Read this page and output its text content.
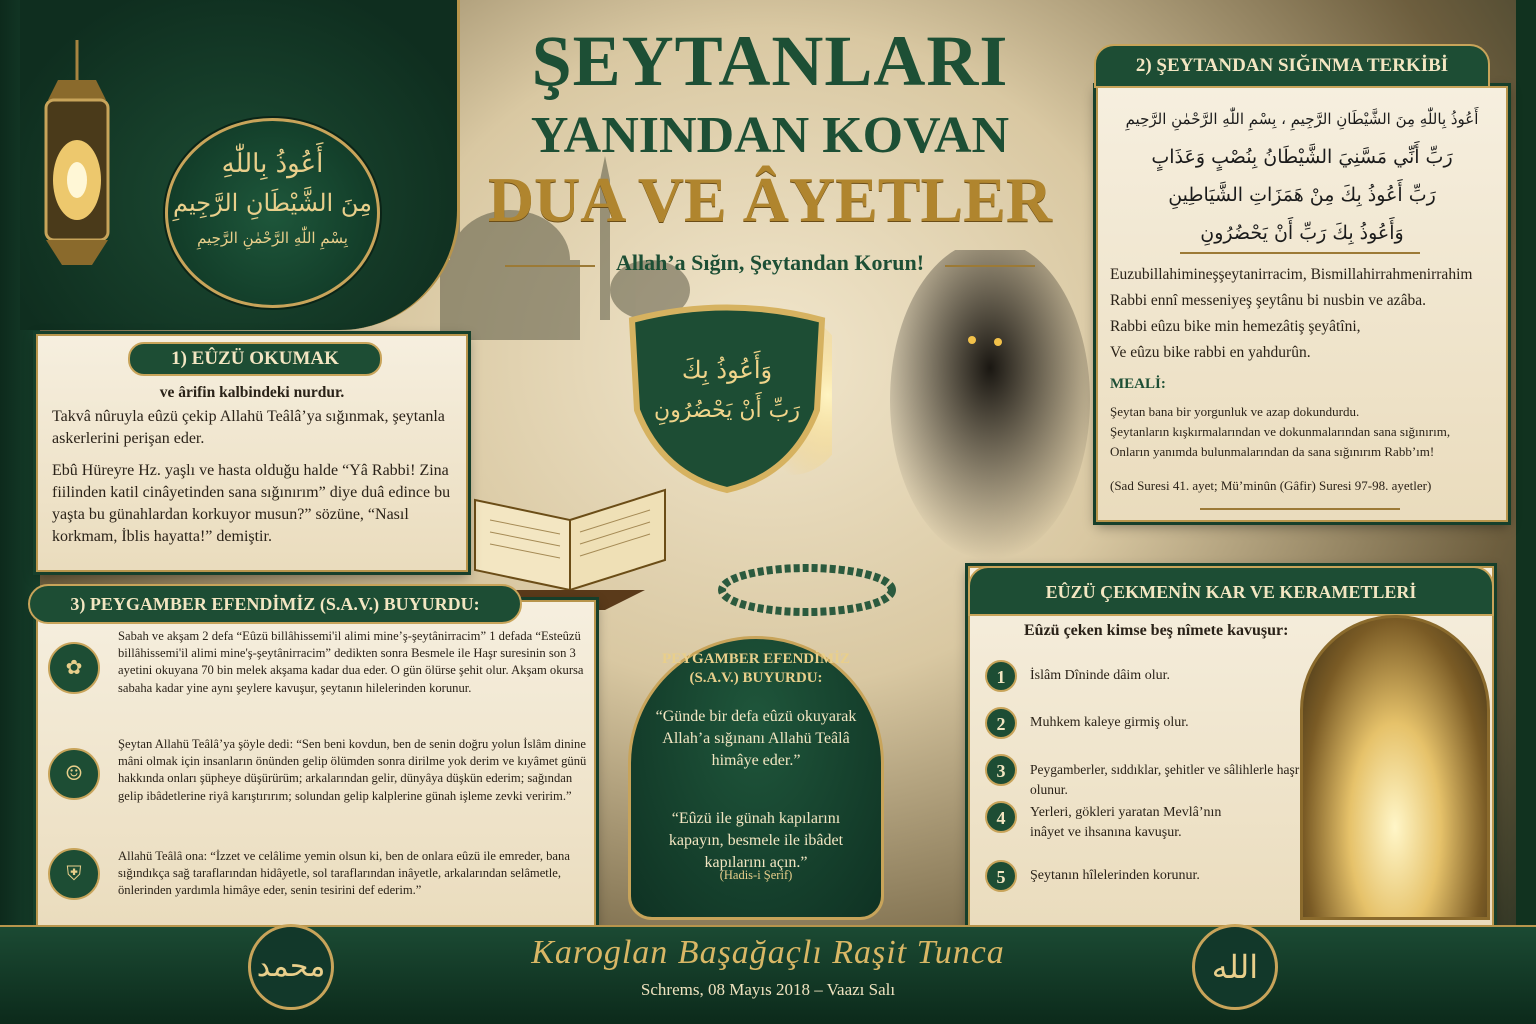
أَعُوذُ بِاللّٰهِ
مِنَ الشَّيْطَانِ الرَّجِيمِ
بِسْمِ اللّٰهِ الرَّحْمٰنِ الرَّحِيمِ
ŞEYTANLARI
YANINDAN KOVAN
DUA VE ÂYETLER
Allah’a Sığın, Şeytandan Korun!
وَأَعُوذُ بِكَ
رَبِّ أَنْ يَحْضُرُونِ
1) EÛZÜ OKUMAK
ve ârifin kalbindeki nurdur.
Takvâ nûruyla eûzü çekip Allahü Teâlâ’ya sığınmak, şeytanla askerlerini perişan eder.
Ebû Hüreyre Hz. yaşlı ve hasta olduğu halde “Yâ Rabbi! Zina fiilinden katil cinâyetinden sana sığınırım” diye duâ edince bu yaşta bu günahlardan korkuyor musun?” sözüne, “Nasıl korkmam, İblis hayatta!” demiştir.
2) ŞEYTANDAN SIĞINMA TERKİBİ
أَعُوذُ بِاللّٰهِ مِنَ الشَّيْطَانِ الرَّجِيمِ ، بِسْمِ اللّٰهِ الرَّحْمٰنِ الرَّحِيمِ
رَبِّ أَنِّي مَسَّنِيَ الشَّيْطَانُ بِنُصْبٍ وَعَذَابٍ
رَبِّ أَعُوذُ بِكَ مِنْ هَمَزَاتِ الشَّيَاطِينِ
وَأَعُوذُ بِكَ رَبِّ أَنْ يَحْضُرُونِ
Euzubillahimineşşeytanirracim, Bismillahirrahmenirrahim
Rabbi ennî messeniyeş şeytânu bi nusbin ve azâba.
Rabbi eûzu bike min hemezâtiş şeyâtîni,
Ve eûzu bike rabbi en yahdurûn.
MEALİ:
Şeytan bana bir yorgunluk ve azap dokundurdu.
Şeytanların kışkırmalarından ve dokunmalarından sana sığınırım,
Onların yanımda bulunmalarından da sana sığınırım Rabb’ım!
(Sad Suresi 41. ayet; Mü’minûn (Gâfir) Suresi 97-98. ayetler)
3) PEYGAMBER EFENDİMİZ (S.A.V.) BUYURDU:
✿
Sabah ve akşam 2 defa “Eûzü billâhissemi'il alimi mine’ş-şeytânirracim” 1 defada “Esteûzü billâhissemi'il alimi mine'ş-şeytânirracim” dedikten sonra Besmele ile Haşr suresinin son 3 ayetini okuyana 70 bin melek akşama kadar dua eder. O gün ölürse şehit olur. Akşam okursa sabaha kadar yine aynı şeylere kavuşur, şeytanın hilelerinden korunur.
☺
Şeytan Allahü Teâlâ’ya şöyle dedi: “Sen beni kovdun, ben de senin doğru yolun İslâm dinine mâni olmak için insanların önünden gelip ölümden sonra dirilme yok derim ve kıyâmet günü hakkında onları şüpheye düşürürüm; arkalarından gelir, dünyâya düşkün ederim; sağından gelip ibâdetlerine riyâ karıştırırım; solundan gelip kalplerine günah işleme zevki veririm.”
⛨
Allahü Teâlâ ona: “İzzet ve celâlime yemin olsun ki, ben de onlara eûzü ile emreder, bana sığındıkça sağ taraflarından hidâyetle, sol taraflarından inâyetle, arkalarından selâmetle, önlerinden yardımla himâye eder, senin tesirini def ederim.”
PEYGAMBER EFENDİMİZ (S.A.V.) BUYURDU:
“Günde bir defa eûzü okuyarak Allah’a sığınanı Allahü Teâlâ himâye eder.”
“Eûzü ile günah kapılarını kapayın, besmele ile ibâdet kapılarını açın.”
(Hadis-i Şerif)
EÛZÜ ÇEKMENİN KAR VE KERAMETLERİ
Eûzü çeken kimse beş nîmete kavuşur:
1	İslâm Dîninde dâim olur.
2	Muhkem kaleye girmiş olur.
3	Peygamberler, sıddıklar, şehitler ve sâlihlerle haşr olunur.
4	Yerleri, gökleri yaratan Mevlâ’nın inâyet ve ihsanına kavuşur.
5	Şeytanın hîlelerinden korunur.
محمد	الله
Karoglan Başağaçlı Raşit Tunca
Schrems, 08 Mayıs 2018 – Vaazı Salı
